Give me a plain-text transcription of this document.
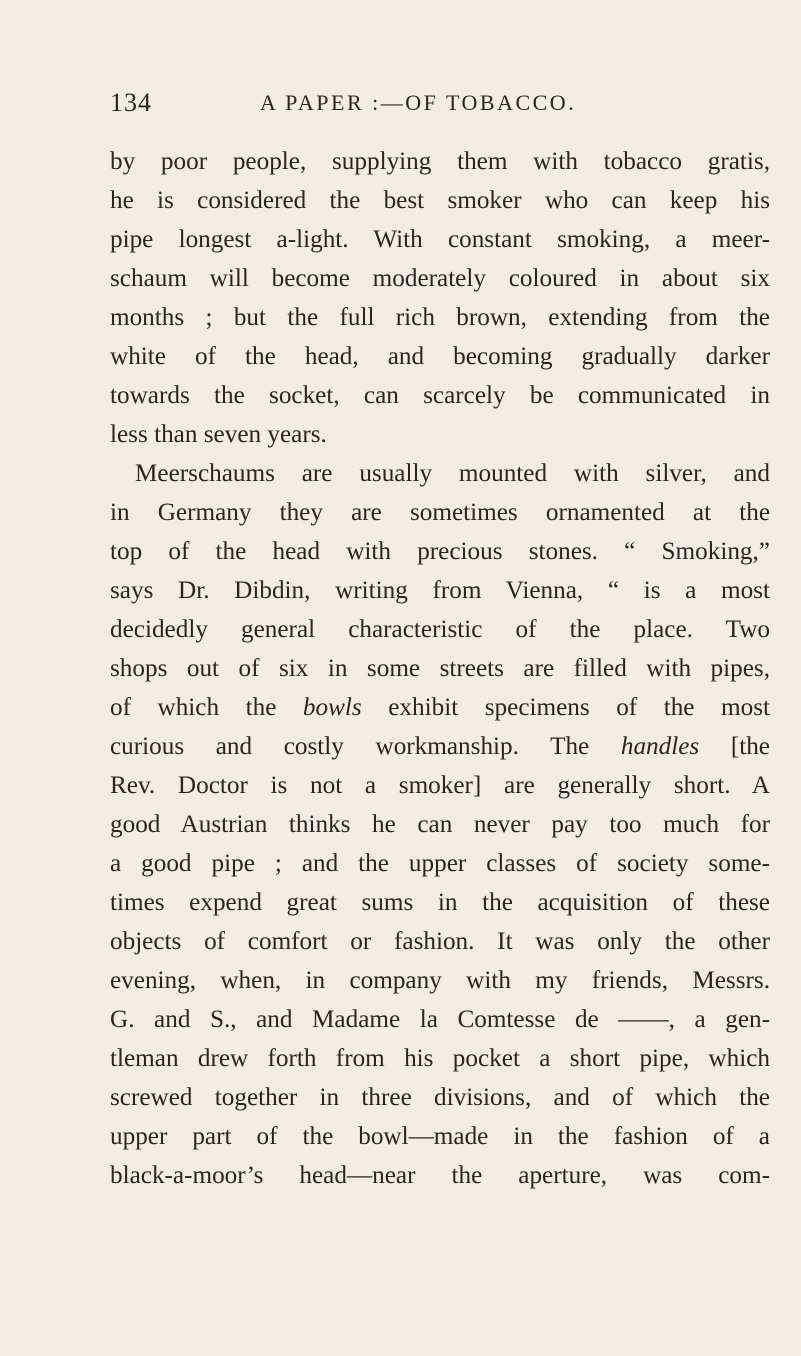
134	A PAPER :—OF TOBACCO.
by poor people, supplying them with tobacco gratis,
he is considered the best smoker who can keep his
pipe longest a-light. With constant smoking, a meer-
schaum will become moderately coloured in about six
months ; but the full rich brown, extending from the
white of the head, and becoming gradually darker
towards the socket, can scarcely be communicated in
less than seven years.
Meerschaums are usually mounted with silver, and
in Germany they are sometimes ornamented at the
top of the head with precious stones. “ Smoking,”
says Dr. Dibdin, writing from Vienna, “ is a most
decidedly general characteristic of the place. Two
shops out of six in some streets are filled with pipes,
of which the bowls exhibit specimens of the most
curious and costly workmanship. The handles [the
Rev. Doctor is not a smoker] are generally short. A
good Austrian thinks he can never pay too much for
a good pipe ; and the upper classes of society some-
times expend great sums in the acquisition of these
objects of comfort or fashion. It was only the other
evening, when, in company with my friends, Messrs.
G. and S., and Madame la Comtesse de ——, a gen-
tleman drew forth from his pocket a short pipe, which
screwed together in three divisions, and of which the
upper part of the bowl—made in the fashion of a
black-a-moor’s head—near the aperture, was com-
